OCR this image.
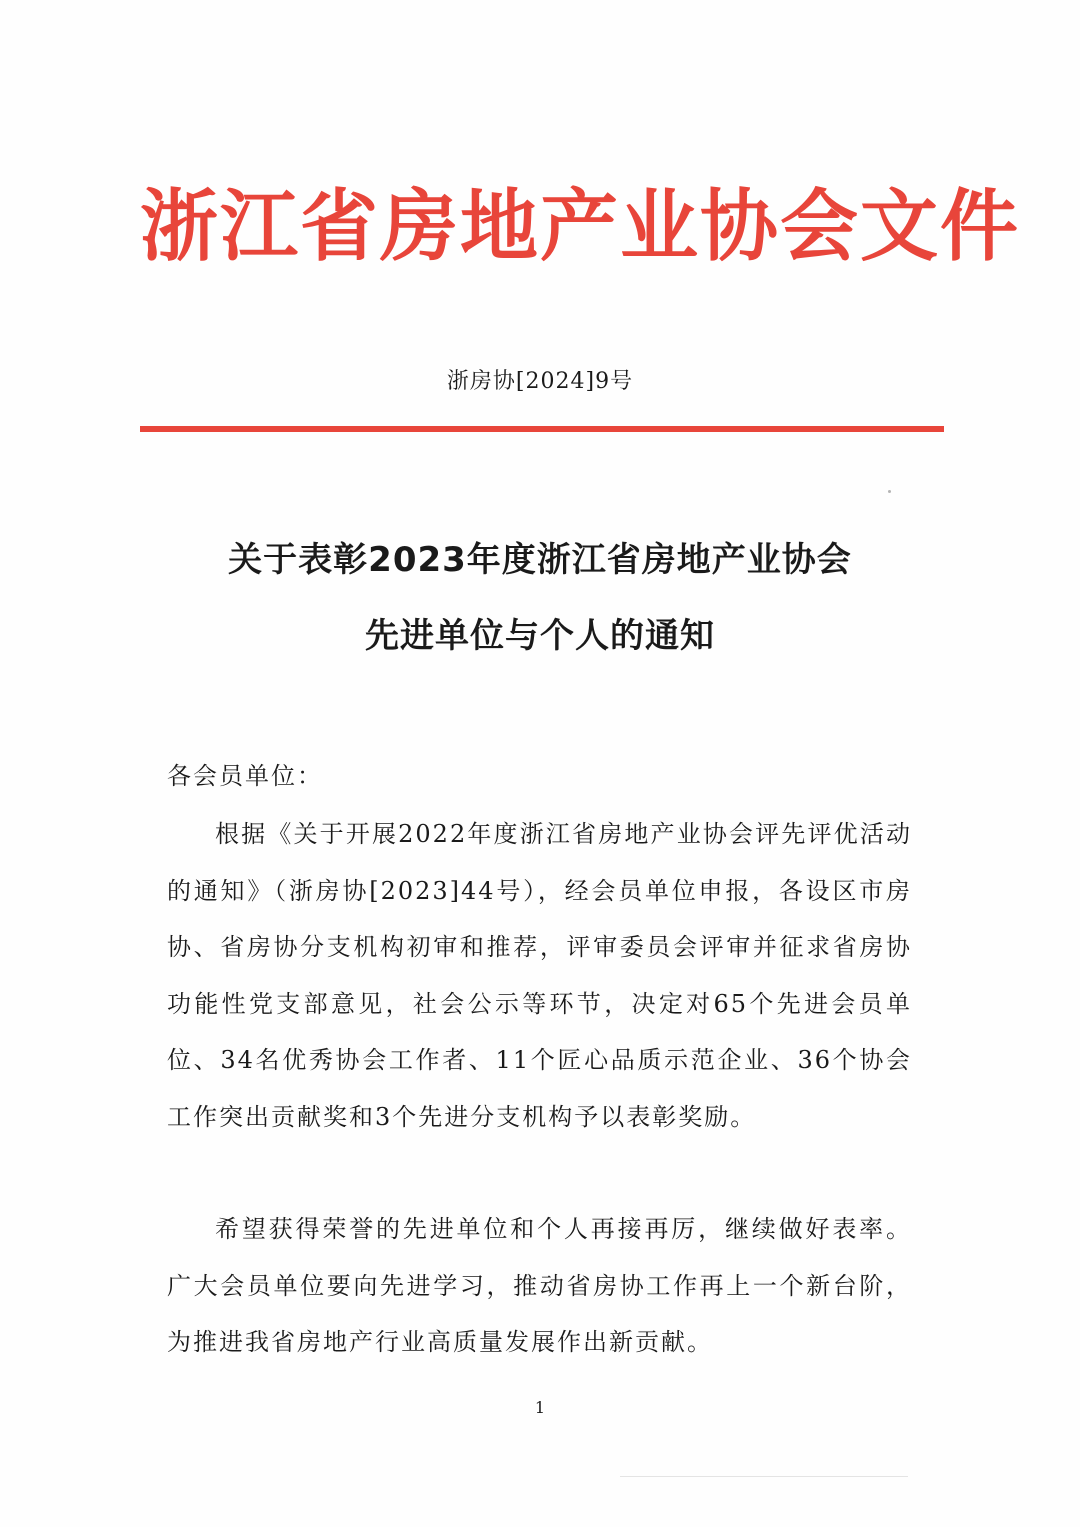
浙江省房地产业协会文件
浙房协[2024]9号
关于表彰2023年度浙江省房地产业协会
先进单位与个人的通知
各会员单位：

根据《关于开展2022年度浙江省房地产业协会评先评优活动的通知》（浙房协[2023]44号），经会员单位申报，各设区市房协、省房协分支机构初审和推荐，评审委员会评审并征求省房协功能性党支部意见，社会公示等环节，决定对65个先进会员单位、34名优秀协会工作者、11个匠心品质示范企业、36个协会工作突出贡献奖和3个先进分支机构予以表彰奖励。

希望获得荣誉的先进单位和个人再接再厉，继续做好表率。广大会员单位要向先进学习，推动省房协工作再上一个新台阶，为推进我省房地产行业高质量发展作出新贡献。

1
